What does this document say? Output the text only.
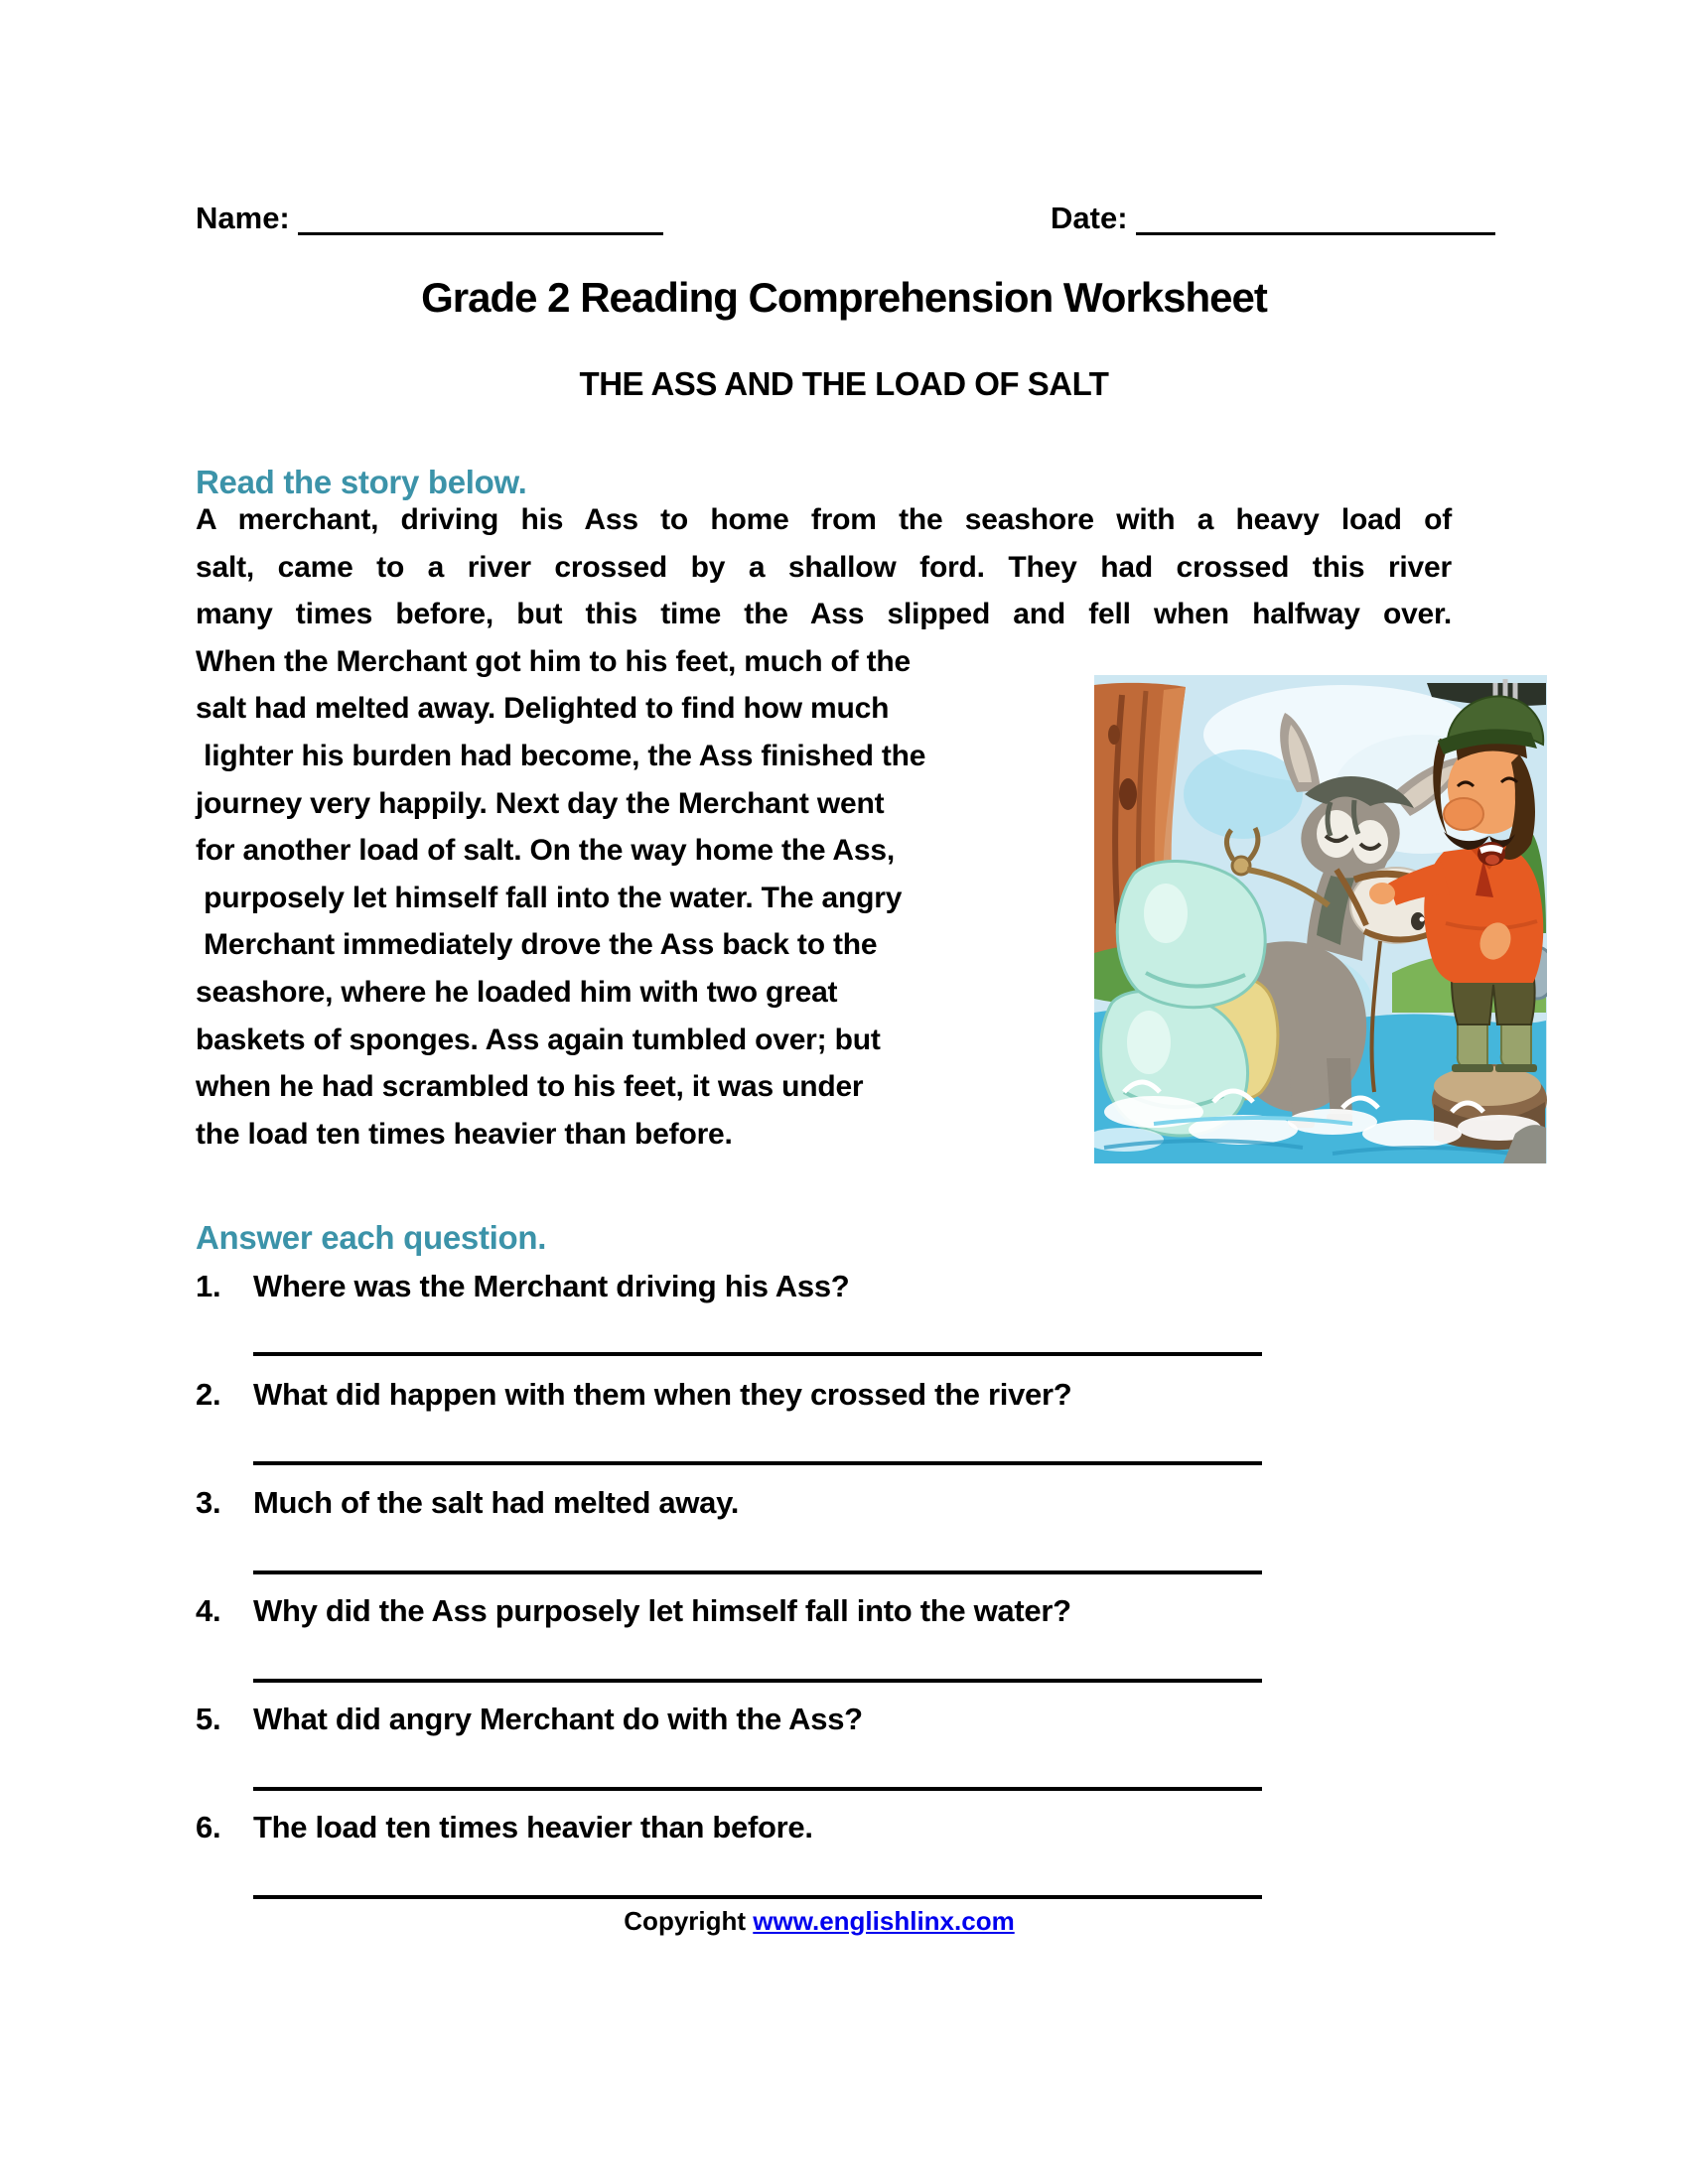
Name:	Date:
Grade 2 Reading Comprehension Worksheet
THE ASS AND THE LOAD OF SALT
Read the story below.
A merchant, driving his Ass to home from the seashore with a heavy load of
salt, came to a river crossed by a shallow ford. They had crossed this river
many times before, but this time the Ass slipped and fell when halfway over.
When the Merchant got him to his feet, much of the
salt had melted away. Delighted to find how much
lighter his burden had become, the Ass finished the
journey very happily. Next day the Merchant went
for another load of salt. On the way home the Ass,
purposely let himself fall into the water. The angry
Merchant immediately drove the Ass back to the
seashore, where he loaded him with two great
baskets of sponges. Ass again tumbled over; but
when he had scrambled to his feet, it was under
the load ten times heavier than before.
Answer each question.
1. Where was the Merchant driving his Ass?
2. What did happen with them when they crossed the river?
3. Much of the salt had melted away.
4. Why did the Ass purposely let himself fall into the water?
5. What did angry Merchant do with the Ass?
6. The load ten times heavier than before.
Copyright www.englishlinx.com
